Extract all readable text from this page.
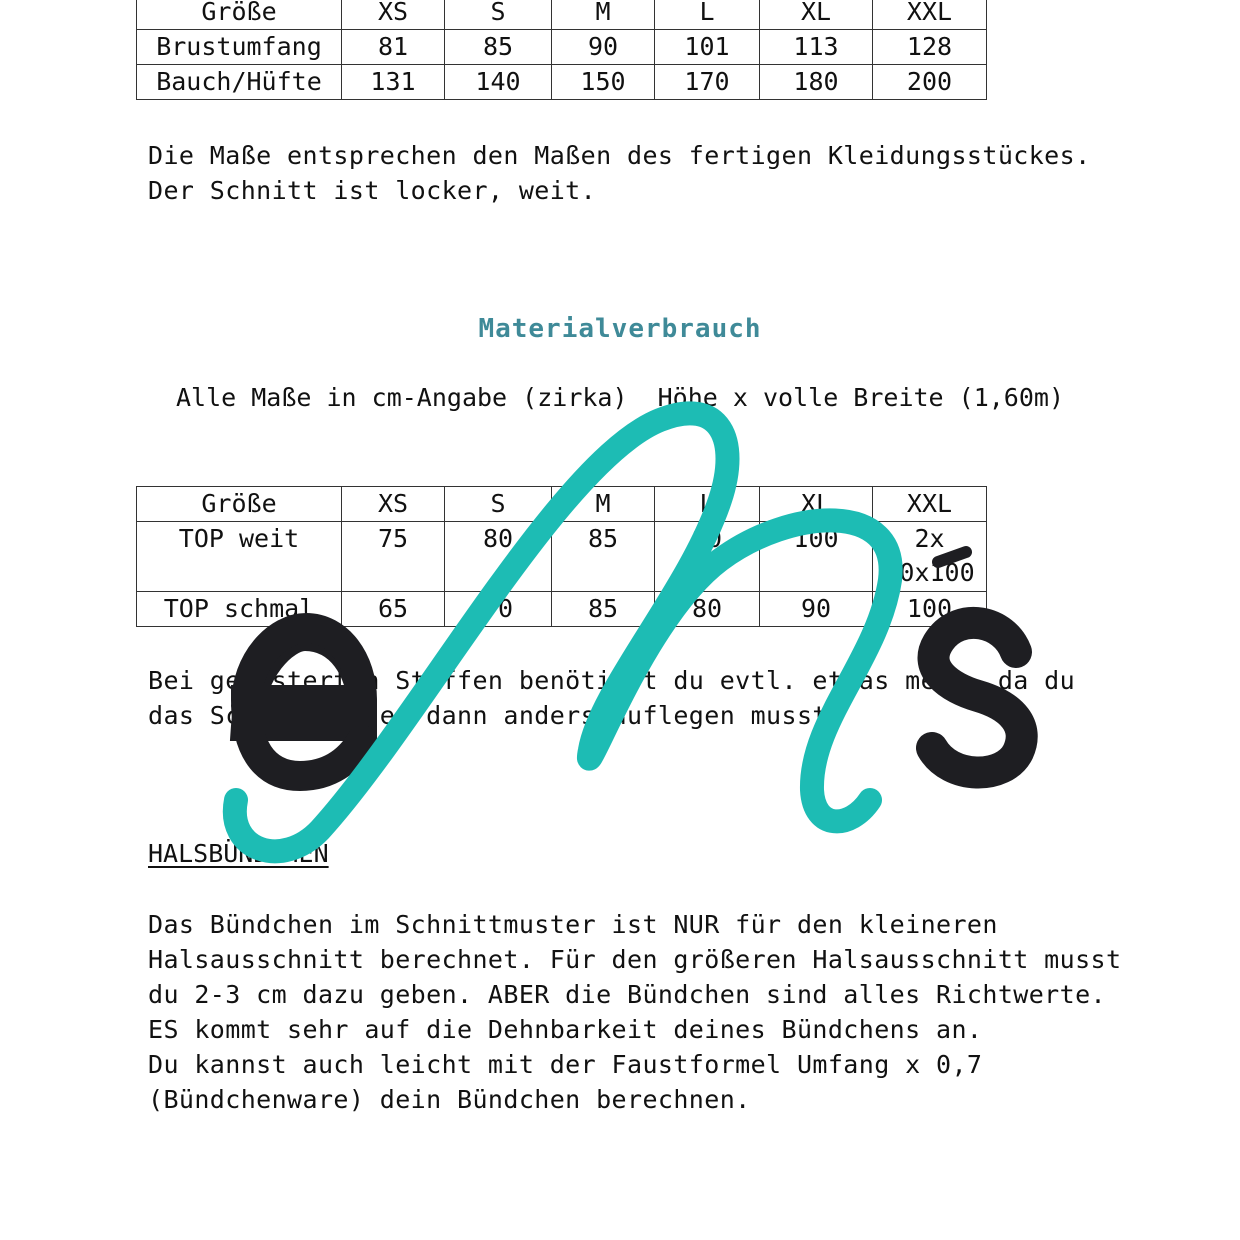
Größe	XS	S	M	L	XL	XXL
Brustumfang	81	85	90	101	113	128
Bauch/Hüfte	131	140	150	170	180	200

Die Maße entsprechen den Maßen des fertigen Kleidungsstückes.
Der Schnitt ist locker, weit.

Materialverbrauch

Alle Maße in cm-Angabe (zirka)  Höhe x volle Breite (1,60m)

Größe	XS	S	M	L	XL	XXL
TOP weit	75	80	85	90	100	2x
90x100
TOP schmal	65	70	85	80	90	100

Bei gemusterten Stoffen benötigst du evtl. etwas mehr, da du
das Schnittmuster dann anders auflegen musst.

HALSBÜNDCHEN

Das Bündchen im Schnittmuster ist NUR für den kleineren
Halsausschnitt berechnet. Für den größeren Halsausschnitt musst
du 2-3 cm dazu geben. ABER die Bündchen sind alles Richtwerte.
ES kommt sehr auf die Dehnbarkeit deines Bündchens an.
Du kannst auch leicht mit der Faustformel Umfang x 0,7
(Bündchenware) dein Bündchen berechnen.
